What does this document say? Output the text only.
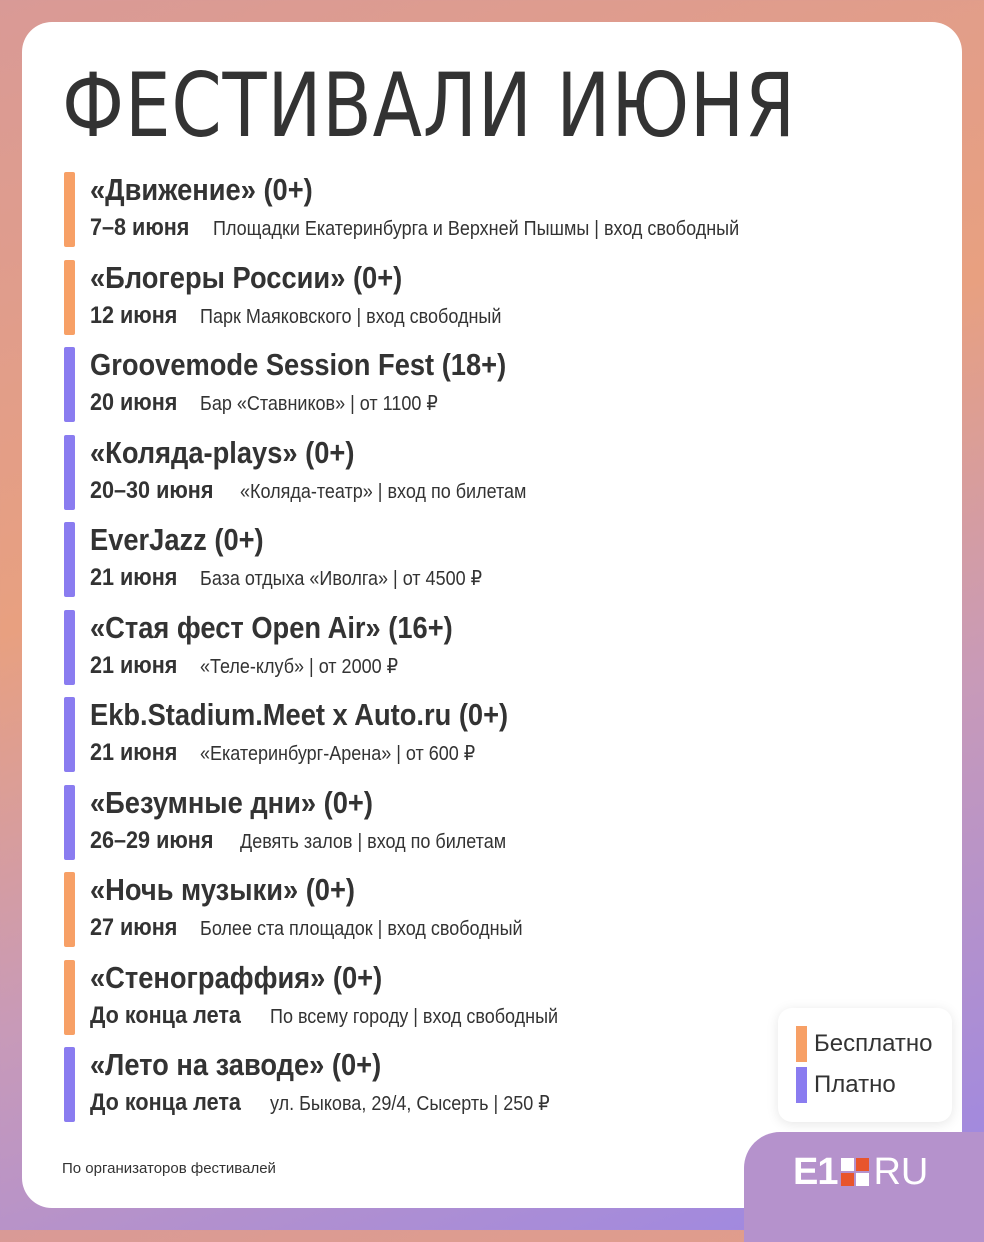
ФЕСТИВАЛИ ИЮНЯ
«Движение» (0+)
7–8 июня Площадки Екатеринбурга и Верхней Пышмы | вход свободный
«Блогеры России» (0+)
12 июня Парк Маяковского | вход свободный
Groovemode Session Fest (18+)
20 июня Бар «Ставников» | от 1100 ₽
«Коляда-plays» (0+)
20–30 июня «Коляда-театр» | вход по билетам
EverJazz (0+)
21 июня База отдыха «Иволга» | от 4500 ₽
«Стая фест Open Air» (16+)
21 июня «Теле-клуб» | от 2000 ₽
Ekb.Stadium.Meet x Auto.ru (0+)
21 июня «Екатеринбург-Арена» | от 600 ₽
«Безумные дни» (0+)
26–29 июня Девять залов | вход по билетам
«Ночь музыки» (0+)
27 июня Более ста площадок | вход свободный
«Стенограффия» (0+)
До конца лета По всему городу | вход свободный
«Лето на заводе» (0+)
До конца лета ул. Быкова, 29/4, Сысерть | 250 ₽
Бесплатно
Платно
По организаторов фестивалей	E1 RU
